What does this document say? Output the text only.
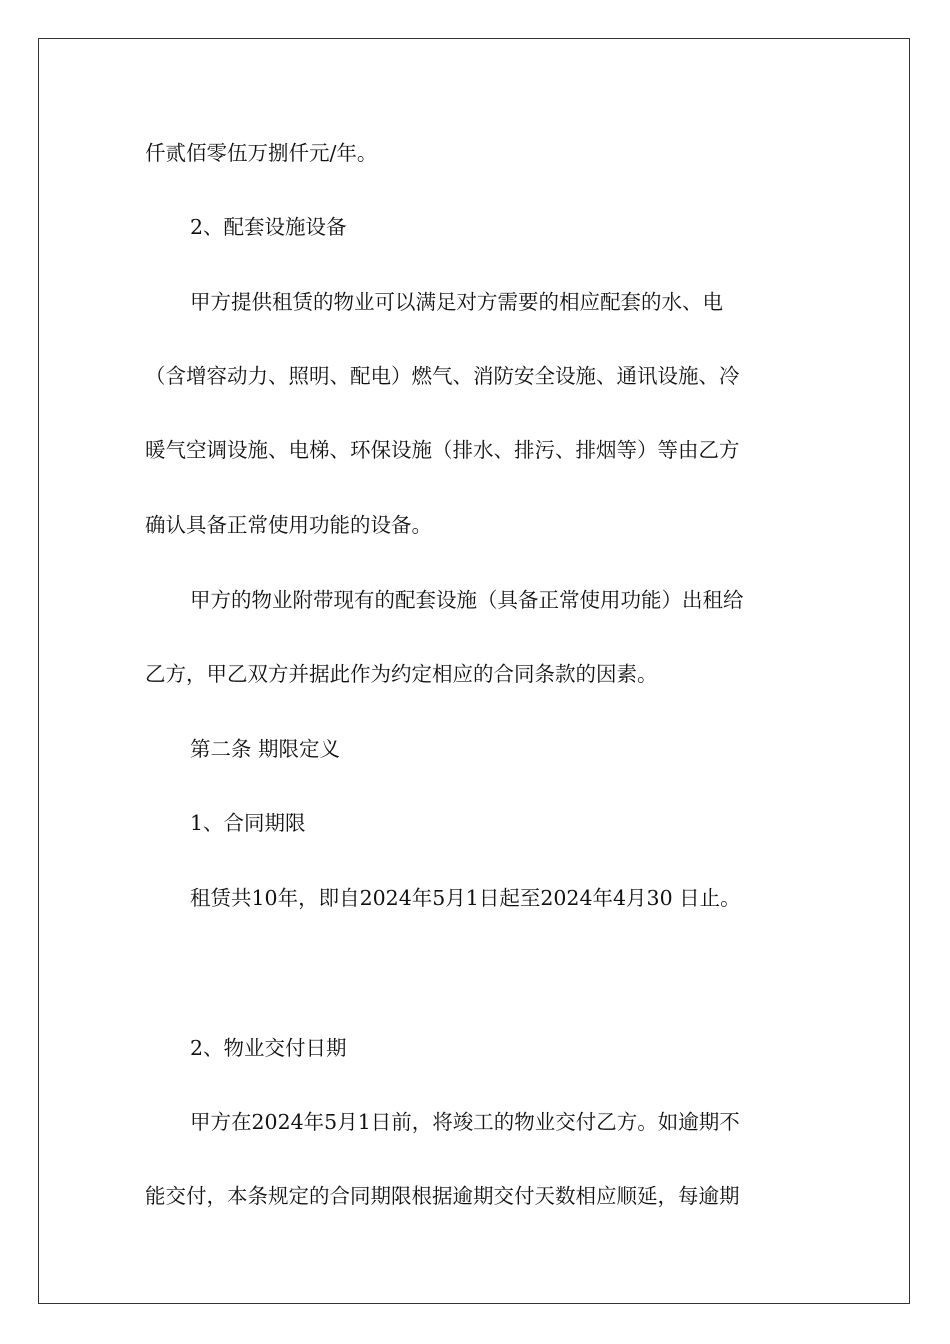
仟贰佰零伍万捌仟元/年。
2、配套设施设备
甲方提供租赁的物业可以满足对方需要的相应配套的水、电
（含增容动力、照明、配电）燃气、消防安全设施、通讯设施、冷
暖气空调设施、电梯、环保设施（排水、排污、排烟等）等由乙方
确认具备正常使用功能的设备。
甲方的物业附带现有的配套设施（具备正常使用功能）出租给
乙方，甲乙双方并据此作为约定相应的合同条款的因素。
第二条 期限定义
1、合同期限
租赁共10年，即自2024年5月1日起至2024年4月30 日止。
2、物业交付日期
甲方在2024年5月1日前，将竣工的物业交付乙方。如逾期不
能交付，本条规定的合同期限根据逾期交付天数相应顺延，每逾期
